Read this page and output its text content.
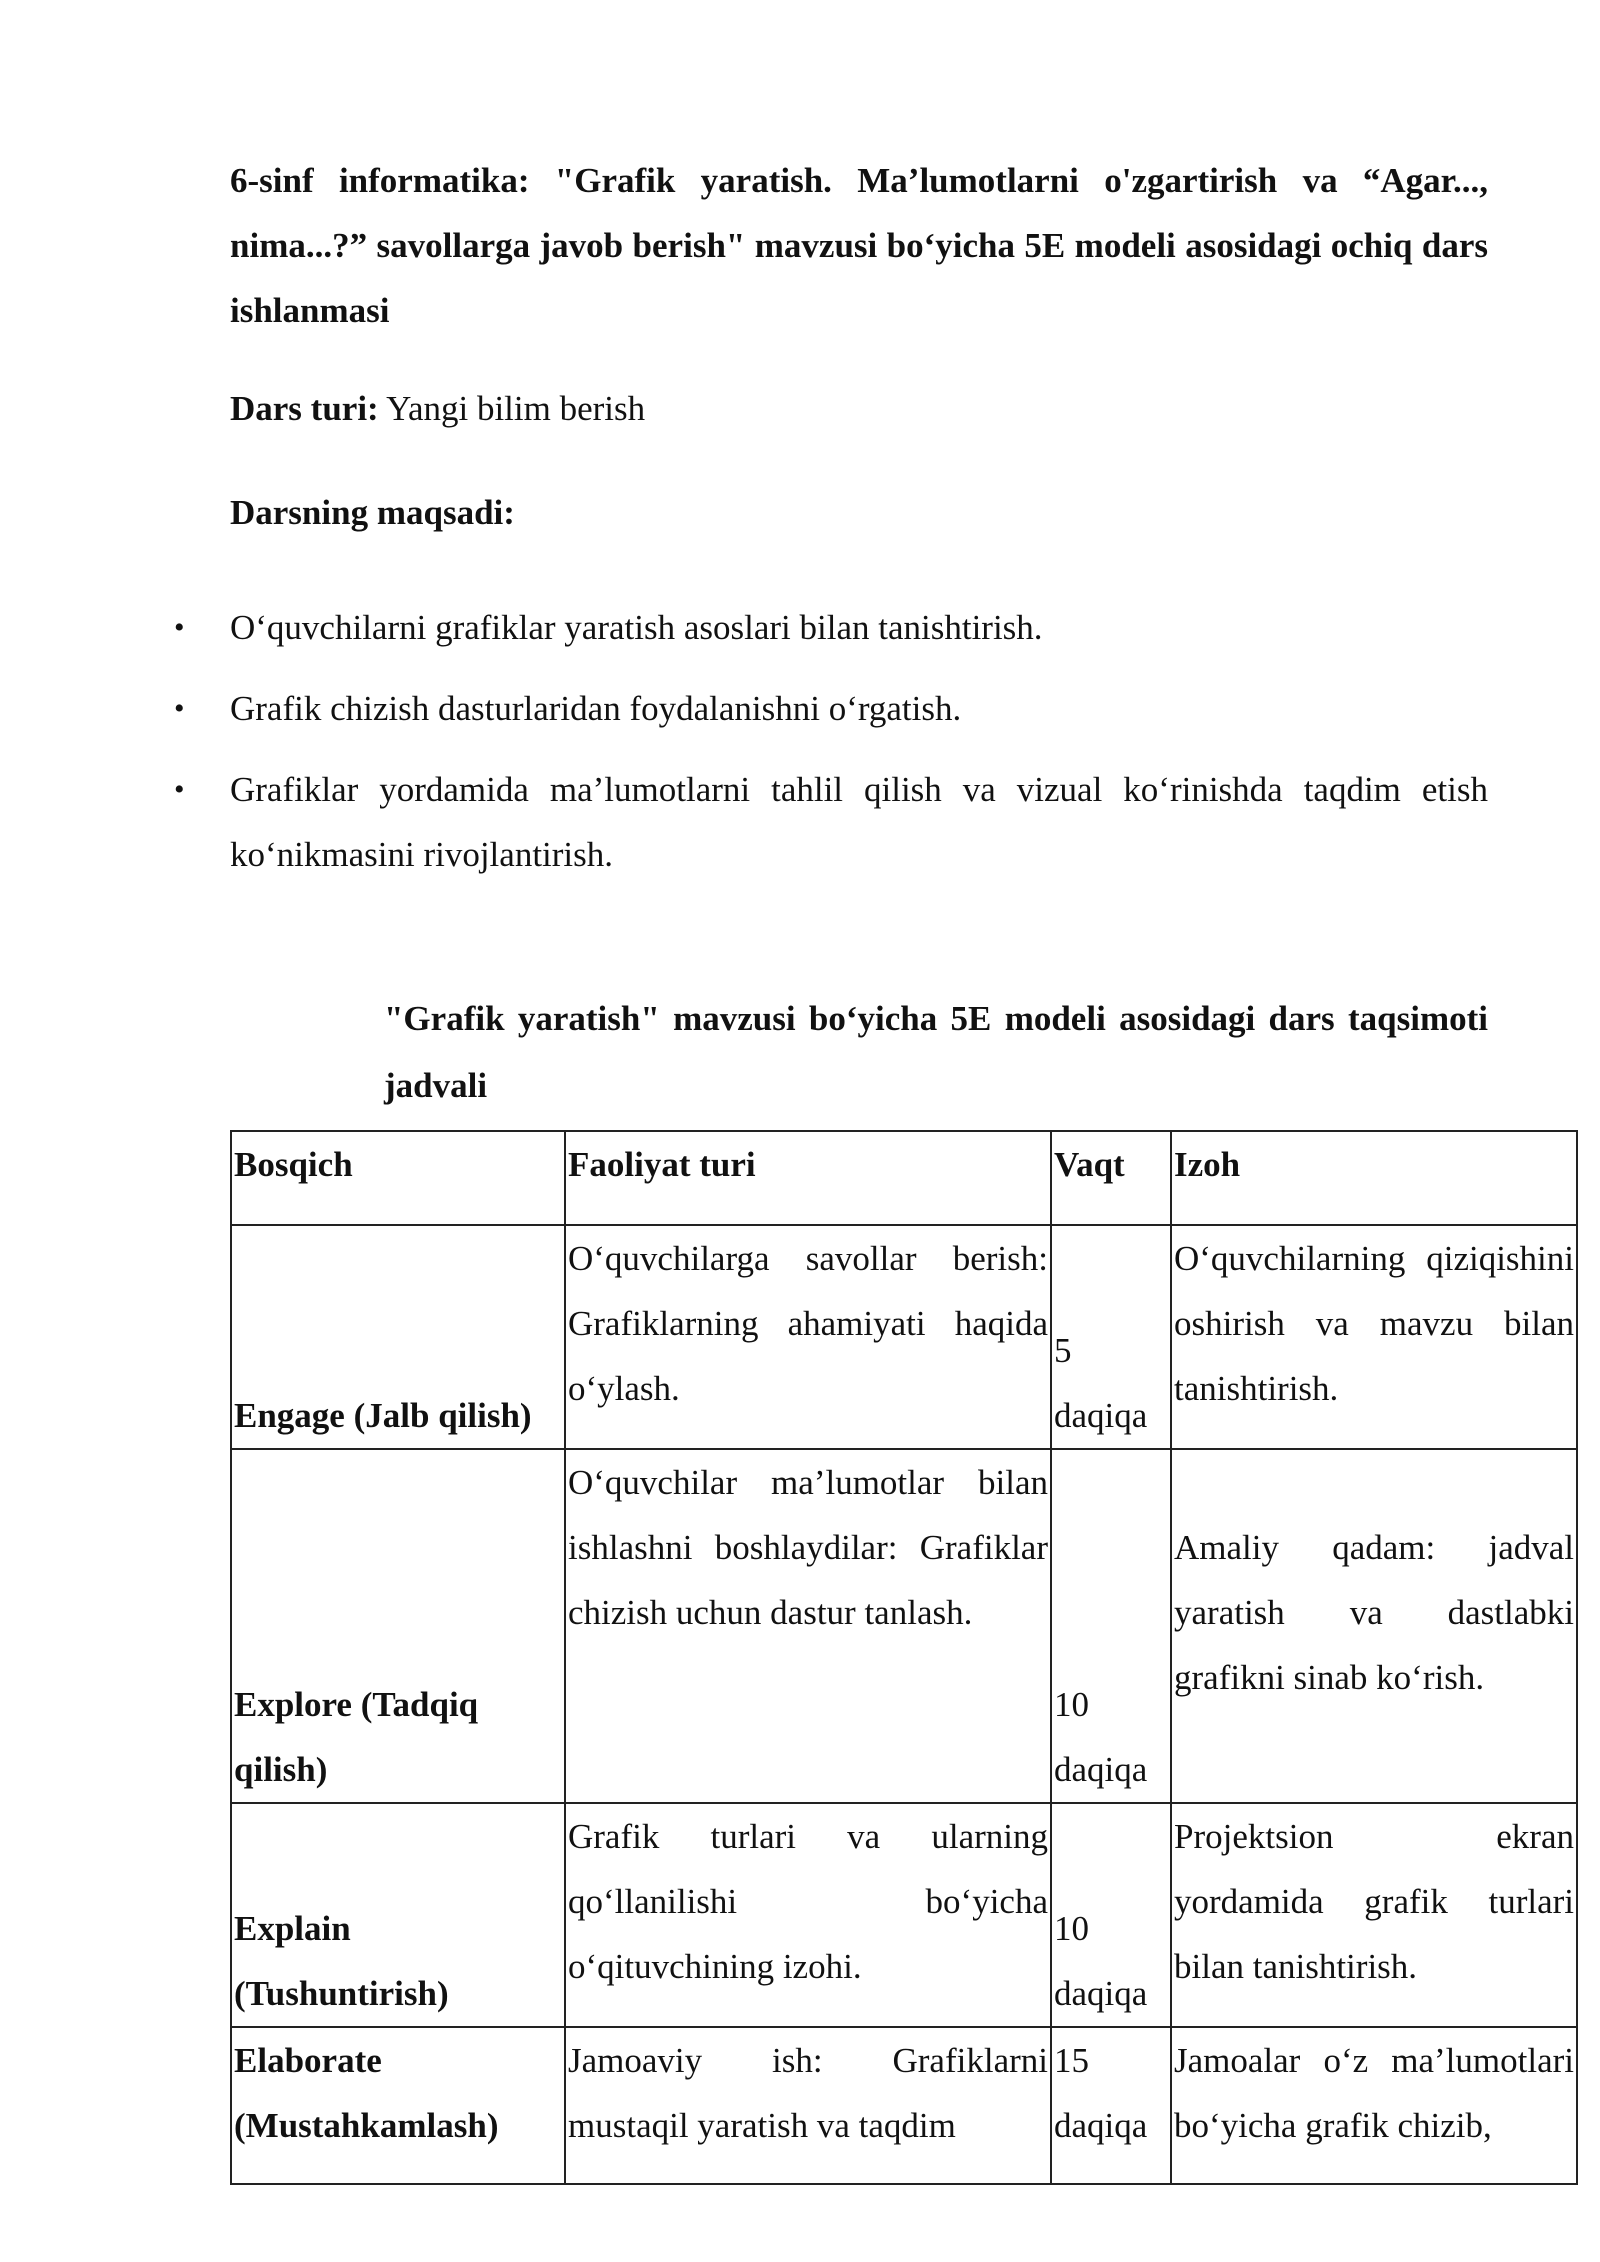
6-sinf informatika: "Grafik yaratish. Ma’lumotlarni o'zgartirish va “Agar..., nima...?” savollarga javob berish" mavzusi bo‘yicha 5E modeli asosidagi ochiq dars ishlanmasi

Dars turi: Yangi bilim berish

Darsning maqsadi:

• O‘quvchilarni grafiklar yaratish asoslari bilan tanishtirish.
• Grafik chizish dasturlaridan foydalanishni o‘rgatish.
• Grafiklar yordamida ma’lumotlarni tahlil qilish va vizual ko‘rinishda taqdim etish ko‘nikmasini rivojlantirish.

"Grafik yaratish" mavzusi bo‘yicha 5E modeli asosidagi dars taqsimoti jadvali

Bosqich	Faoliyat turi	Vaqt	Izoh
Engage (Jalb qilish)	O‘quvchilarga savollar berish: Grafiklarning ahamiyati haqida o‘ylash.	5 daqiqa	O‘quvchilarning qiziqishini oshirish va mavzu bilan tanishtirish.

Explore (Tadqiq qilish)	O‘quvchilar ma’lumotlar bilan ishlashni boshlaydilar: Grafiklar chizish uchun dastur tanlash.	10 daqiqa	Amaliy qadam: jadval yaratish va dastlabki grafikni sinab ko‘rish.

Explain (Tushuntirish)	Grafik turlari va ularning qo‘llanilishi bo‘yicha o‘qituvchining izohi.	10 daqiqa	Projektsion ekran yordamida grafik turlari bilan tanishtirish.

Elaborate (Mustahkamlash)	Jamoaviy ish: Grafiklarni mustaqil yaratish va taqdim	15 daqiqa	Jamoalar o‘z ma’lumotlari bo‘yicha grafik chizib,
